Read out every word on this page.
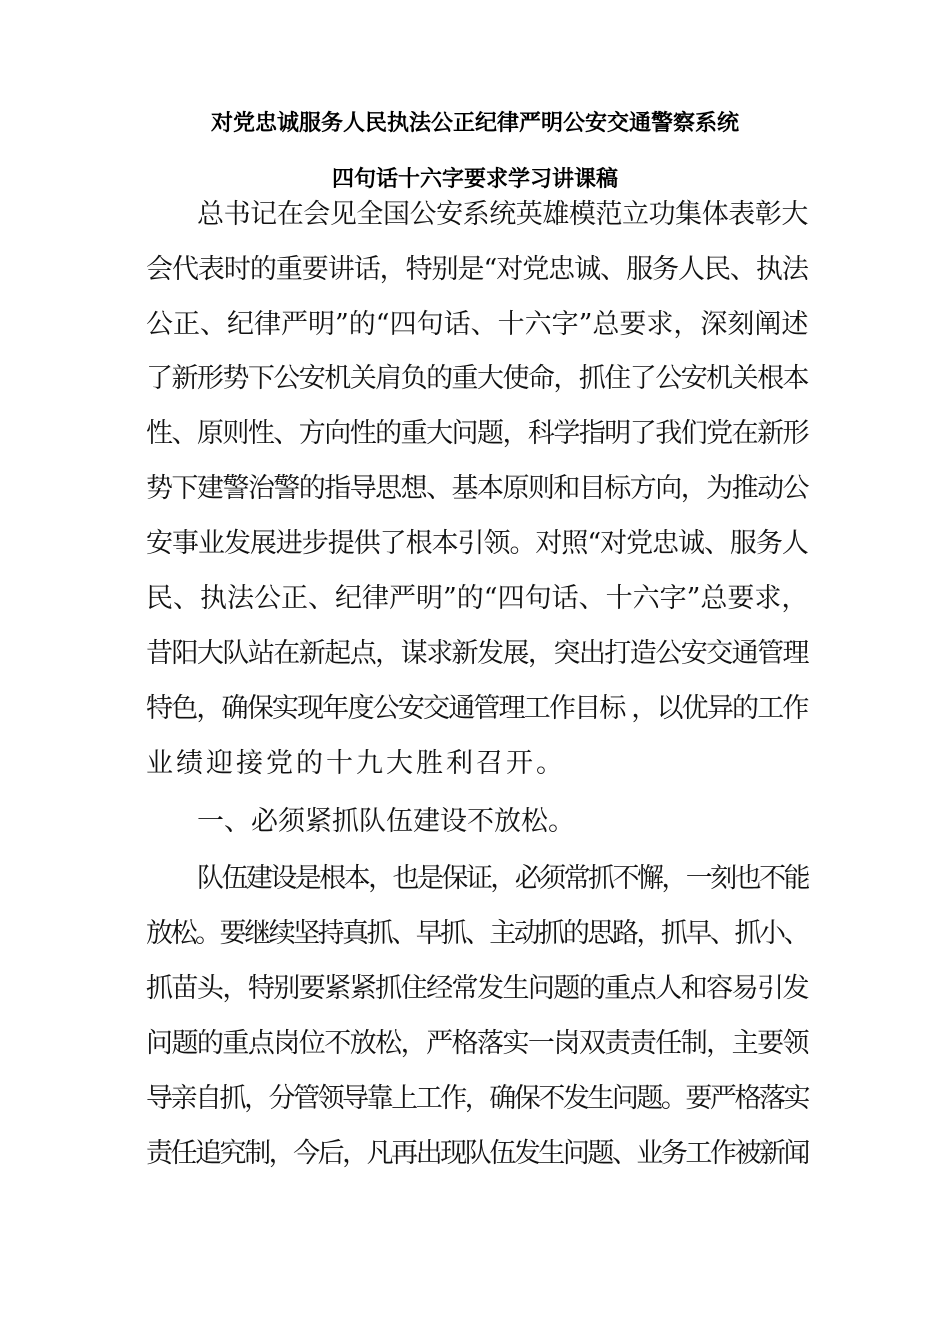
对党忠诚服务人民执法公正纪律严明公安交通警察系统
四句话十六字要求学习讲课稿
总书记在会见全国公安系统英雄模范立功集体表彰大
会代表时的重要讲话，特别是“对党忠诚、服务人民、执法
公正、纪律严明”的“四句话、十六字”总要求，深刻阐述
了新形势下公安机关肩负的重大使命，抓住了公安机关根本
性、原则性、方向性的重大问题，科学指明了我们党在新形
势下建警治警的指导思想、基本原则和目标方向，为推动公
安事业发展进步提供了根本引领。对照“对党忠诚、服务人
民、执法公正、纪律严明”的“四句话、十六字”总要求，
昔阳大队站在新起点，谋求新发展，突出打造公安交通管理
特色，确保实现年度公安交通管理工作目标 ，以优异的工作
业绩迎接党的十九大胜利召开。
一、必须紧抓队伍建设不放松。
队伍建设是根本，也是保证，必须常抓不懈，一刻也不能
放松。要继续坚持真抓、早抓、主动抓的思路，抓早、抓小、
抓苗头，特别要紧紧抓住经常发生问题的重点人和容易引发
问题的重点岗位不放松，严格落实一岗双责责任制，主要领
导亲自抓，分管领导靠上工作，确保不发生问题。要严格落实
责任追究制，今后，凡再出现队伍发生问题、业务工作被新闻
